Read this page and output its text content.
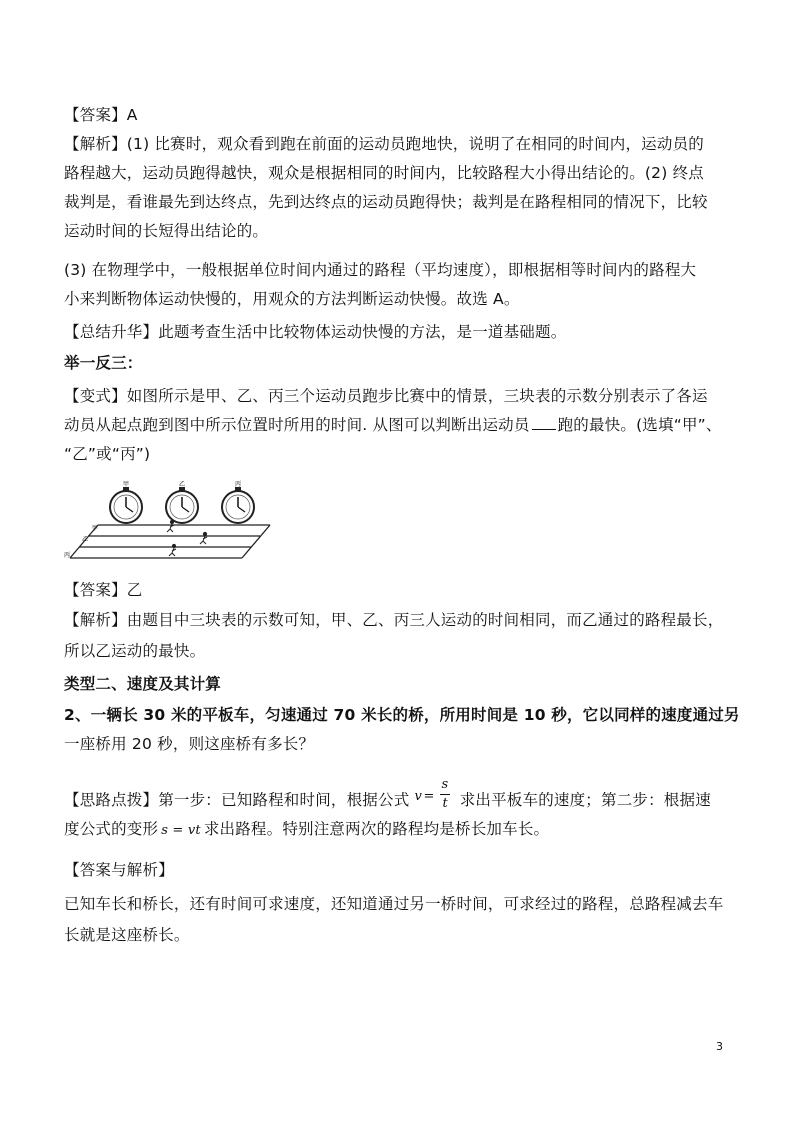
【答案】A
【解析】(1) 比赛时，观众看到跑在前面的运动员跑地快，说明了在相同的时间内，运动员的
路程越大，运动员跑得越快，观众是根据相同的时间内，比较路程大小得出结论的。(2) 终点
裁判是，看谁最先到达终点，先到达终点的运动员跑得快；裁判是在路程相同的情况下，比较
运动时间的长短得出结论的。
(3) 在物理学中，一般根据单位时间内通过的路程（平均速度），即根据相等时间内的路程大
小来判断物体运动快慢的，用观众的方法判断运动快慢。故选 A。
【总结升华】此题考查生活中比较物体运动快慢的方法，是一道基础题。
举一反三：
【变式】如图所示是甲、乙、丙三个运动员跑步比赛中的情景，三块表的示数分别表示了各运
动员从起点跑到图中所示位置时所用的时间. 从图可以判断出运动员 跑的最快。(选填“甲”、
“乙”或“丙”)
甲	乙	丙
甲
乙
丙
【答案】乙
【解析】由题目中三块表的示数可知，甲、乙、丙三人运动的时间相同，而乙通过的路程最长，
所以乙运动的最快。
类型二、速度及其计算
2、一辆长 30 米的平板车，匀速通过 70 米长的桥，所用时间是 10 秒，它以同样的速度通过另
一座桥用 20 秒，则这座桥有多长？
【思路点拨】第一步：已知路程和时间，根据公式 v =
s
t 求出平板车的速度；第二步：根据速
度公式的变形 s = vt 求出路程。特别注意两次的路程均是桥长加车长。
【答案与解析】
已知车长和桥长，还有时间可求速度，还知道通过另一桥时间，可求经过的路程，总路程减去车
长就是这座桥长。
3
